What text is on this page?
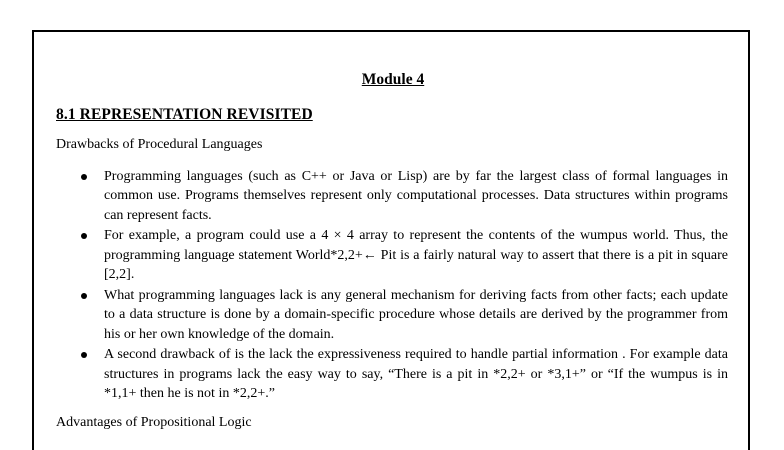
Module 4
8.1 REPRESENTATION REVISITED
Drawbacks of Procedural Languages
Programming languages (such as C++ or Java or Lisp) are by far the largest class of formal languages in common use. Programs themselves represent only computational processes. Data structures within programs can represent facts.
For example, a program could use a 4 × 4 array to represent the contents of the wumpus world. Thus, the programming language statement World*2,2+← Pit is a fairly natural way to assert that there is a pit in square [2,2].
What programming languages lack is any general mechanism for deriving facts from other facts; each update to a data structure is done by a domain-specific procedure whose details are derived by the programmer from his or her own knowledge of the domain.
A second drawback of is the lack the expressiveness required to handle partial information . For example data structures in programs lack the easy way to say, “There is a pit in *2,2+ or *3,1+” or “If the wumpus is in *1,1+ then he is not in *2,2+.”
Advantages of Propositional Logic
